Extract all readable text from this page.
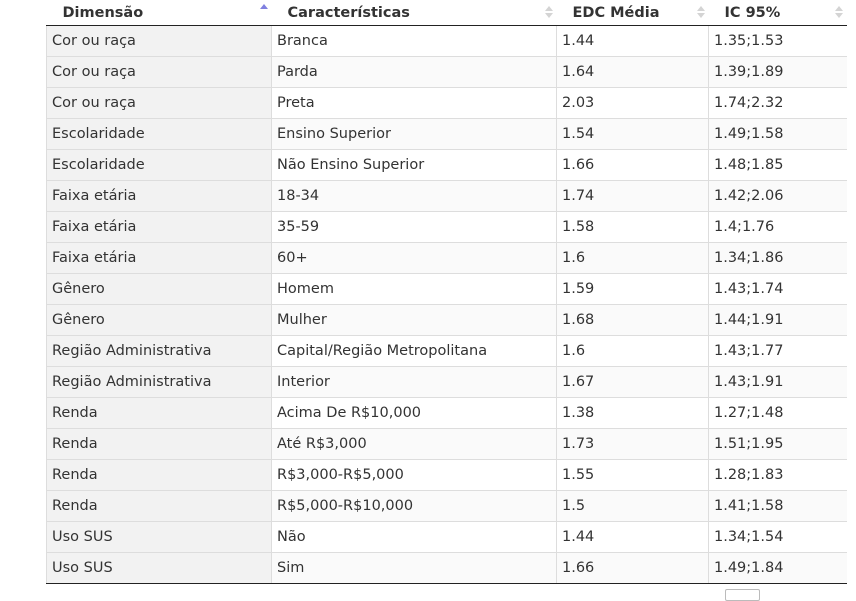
Dimensão	Características	EDC Média	IC 95%

Cor ou raça	Branca	1.44	1.35;1.53
Cor ou raça	Parda	1.64	1.39;1.89
Cor ou raça	Preta	2.03	1.74;2.32
Escolaridade	Ensino Superior	1.54	1.49;1.58
Escolaridade	Não Ensino Superior	1.66	1.48;1.85
Faixa etária	18-34	1.74	1.42;2.06
Faixa etária	35-59	1.58	1.4;1.76
Faixa etária	60+	1.6	1.34;1.86
Gênero	Homem	1.59	1.43;1.74
Gênero	Mulher	1.68	1.44;1.91
Região Administrativa	Capital/Região Metropolitana	1.6	1.43;1.77
Região Administrativa	Interior	1.67	1.43;1.91
Renda	Acima De R$10,000	1.38	1.27;1.48
Renda	Até R$3,000	1.73	1.51;1.95
Renda	R$3,000-R$5,000	1.55	1.28;1.83
Renda	R$5,000-R$10,000	1.5	1.41;1.58
Uso SUS	Não	1.44	1.34;1.54
Uso SUS	Sim	1.66	1.49;1.84
